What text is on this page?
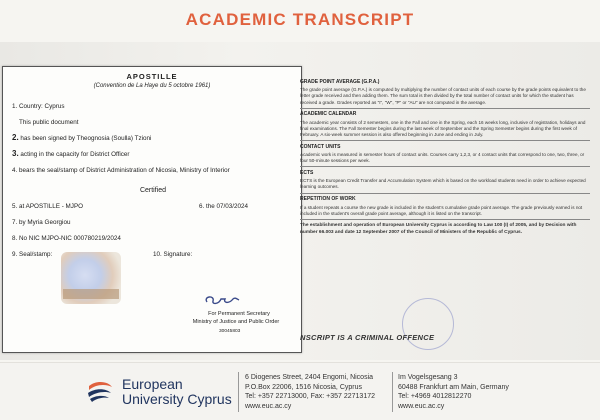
ACADEMIC TRANSCRIPT
APOSTILLE
(Convention de La Haye du 5 octobre 1961)
1. Country: Cyprus
This public document
2. has been signed by Theognosia (Soulla) Tzioni
3. acting in the capacity for District Officer
4. bears the seal/stamp of District Administration of Nicosia, Ministry of Interior
Certified
5. at APOSTILLE - MJPO	6. the 07/03/2024
7. by Myria Georgiou
8. No NIC MJPO-NIC 000780219/2024
9. Seal/stamp:	10. Signature:
For Permanent Secretary
Ministry of Justice and Public Order
30045803
GRADE POINT AVERAGE (G.P.A.)
The grade point average (G.P.A.) is computed by multiplying the number of contact units of each course by the grade points equivalent to the letter grade received and then adding them. The sum total is then divided by the total number of contact units for which the student has received a grade. Grades reported as "I", "W", "P" or "AU" are not computed in the average.
ACADEMIC CALENDAR
The academic year consists of 2 semesters, one in the Fall and one in the Spring, each 16 weeks long, inclusive of registration, holidays and final examinations. The Fall Semester begins during the last week of September and the Spring Semester begins during the first week of February. A six-week summer session is also offered beginning in June and ending in July.
CONTACT UNITS
Academic work is measured in semester hours of contact units. Courses carry 1,2,3, or 4 contact units that correspond to one, two, three, or four 50-minute sessions per week.
ECTS
ECTS is the European Credit Transfer and Accumulation System which is based on the workload students need in order to achieve expected learning outcomes.
REPETITION OF WORK
If a student repeats a course the new grade is included in the student's cumulative grade point average. The grade previously earned is not included in the student's overall grade point average, although it is listed on the transcript.
The establishment and operation of European University Cyprus is according to Law 100 (I) of 2005, and by Decision with number 66.003 and date 12 September 2007 of the Council of Ministers of the Republic of Cyprus.
NSCRIPT IS A CRIMINAL OFFENCE
European
University Cyprus
6 Diogenes Street, 2404 Engomi, Nicosia
P.O.Box 22006, 1516 Nicosia, Cyprus
Tel: +357 22713000, Fax: +357 22713172
www.euc.ac.cy
Im Vogelsgesang 3
60488 Frankfurt am Main, Germany
Tel: +4969 4012812270
www.euc.ac.cy
